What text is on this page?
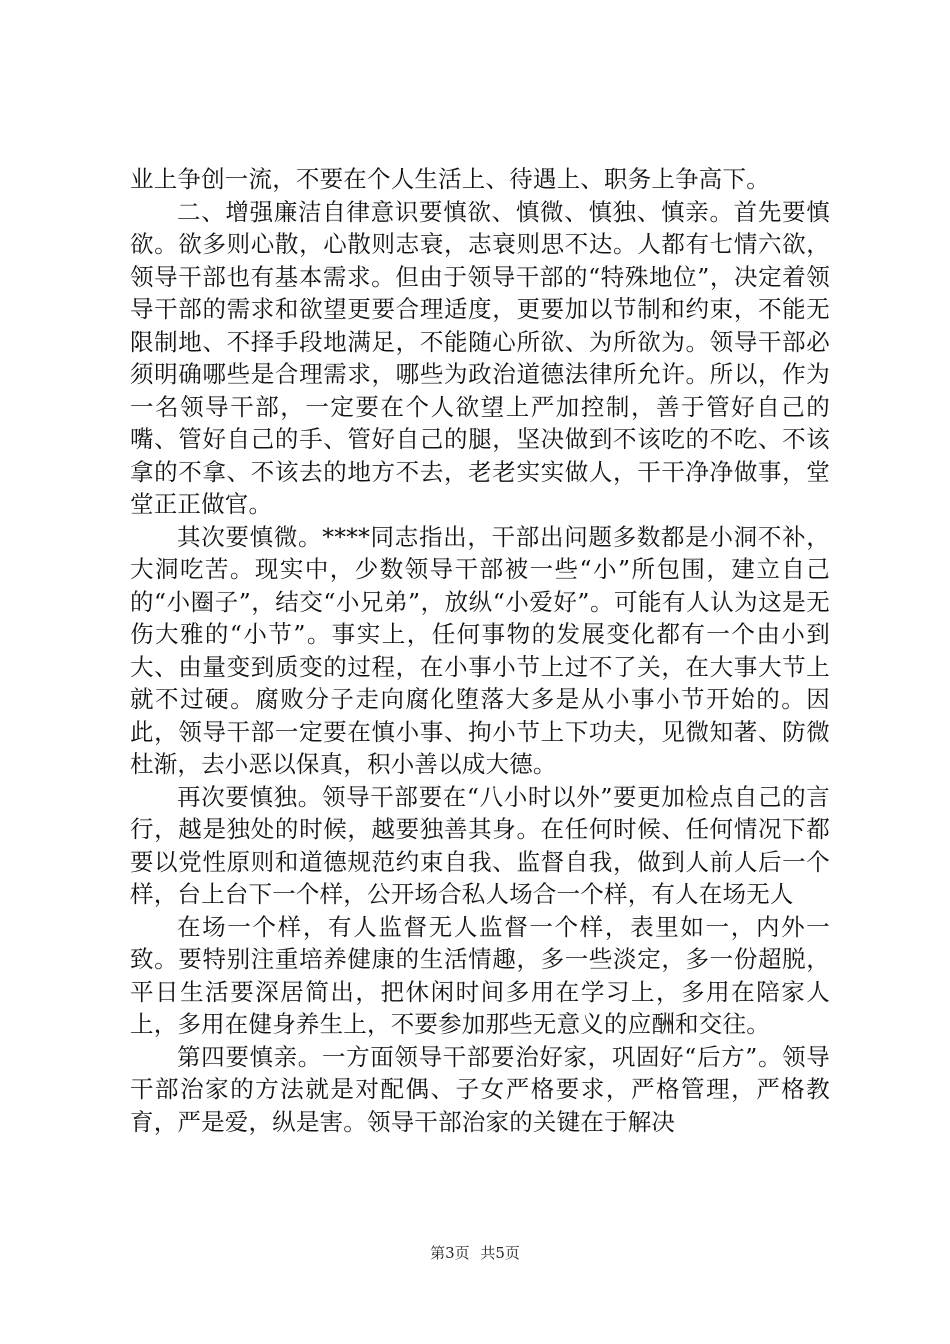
业上争创一流，不要在个人生活上、待遇上、职务上争高下。

二、增强廉洁自律意识要慎欲、慎微、慎独、慎亲。首先要慎欲。欲多则心散，心散则志衰，志衰则思不达。人都有七情六欲，领导干部也有基本需求。但由于领导干部的“特殊地位”，决定着领导干部的需求和欲望更要合理适度，更要加以节制和约束，不能无限制地、不择手段地满足，不能随心所欲、为所欲为。领导干部必须明确哪些是合理需求，哪些为政治道德法律所允许。所以，作为一名领导干部，一定要在个人欲望上严加控制，善于管好自己的嘴、管好自己的手、管好自己的腿，坚决做到不该吃的不吃、不该拿的不拿、不该去的地方不去，老老实实做人，干干净净做事，堂堂正正做官。

其次要慎微。****同志指出，干部出问题多数都是小洞不补，大洞吃苦。现实中，少数领导干部被一些“小”所包围，建立自己的“小圈子”，结交“小兄弟”，放纵“小爱好”。可能有人认为这是无伤大雅的“小节”。事实上，任何事物的发展变化都有一个由小到大、由量变到质变的过程，在小事小节上过不了关，在大事大节上就不过硬。腐败分子走向腐化堕落大多是从小事小节开始的。因此，领导干部一定要在慎小事、拘小节上下功夫，见微知著、防微杜渐，去小恶以保真，积小善以成大德。

再次要慎独。领导干部要在“八小时以外”要更加检点自己的言行，越是独处的时候，越要独善其身。在任何时候、任何情况下都要以党性原则和道德规范约束自我、监督自我，做到人前人后一个样，台上台下一个样，公开场合私人场合一个样，有人在场无人

在场一个样，有人监督无人监督一个样，表里如一，内外一致。要特别注重培养健康的生活情趣，多一些淡定，多一份超脱，平日生活要深居简出，把休闲时间多用在学习上，多用在陪家人上，多用在健身养生上，不要参加那些无意义的应酬和交往。

第四要慎亲。一方面领导干部要治好家，巩固好“后方”。领导干部治家的方法就是对配偶、子女严格要求，严格管理，严格教育，严是爱，纵是害。领导干部治家的关键在于解决

第3页 共5页
